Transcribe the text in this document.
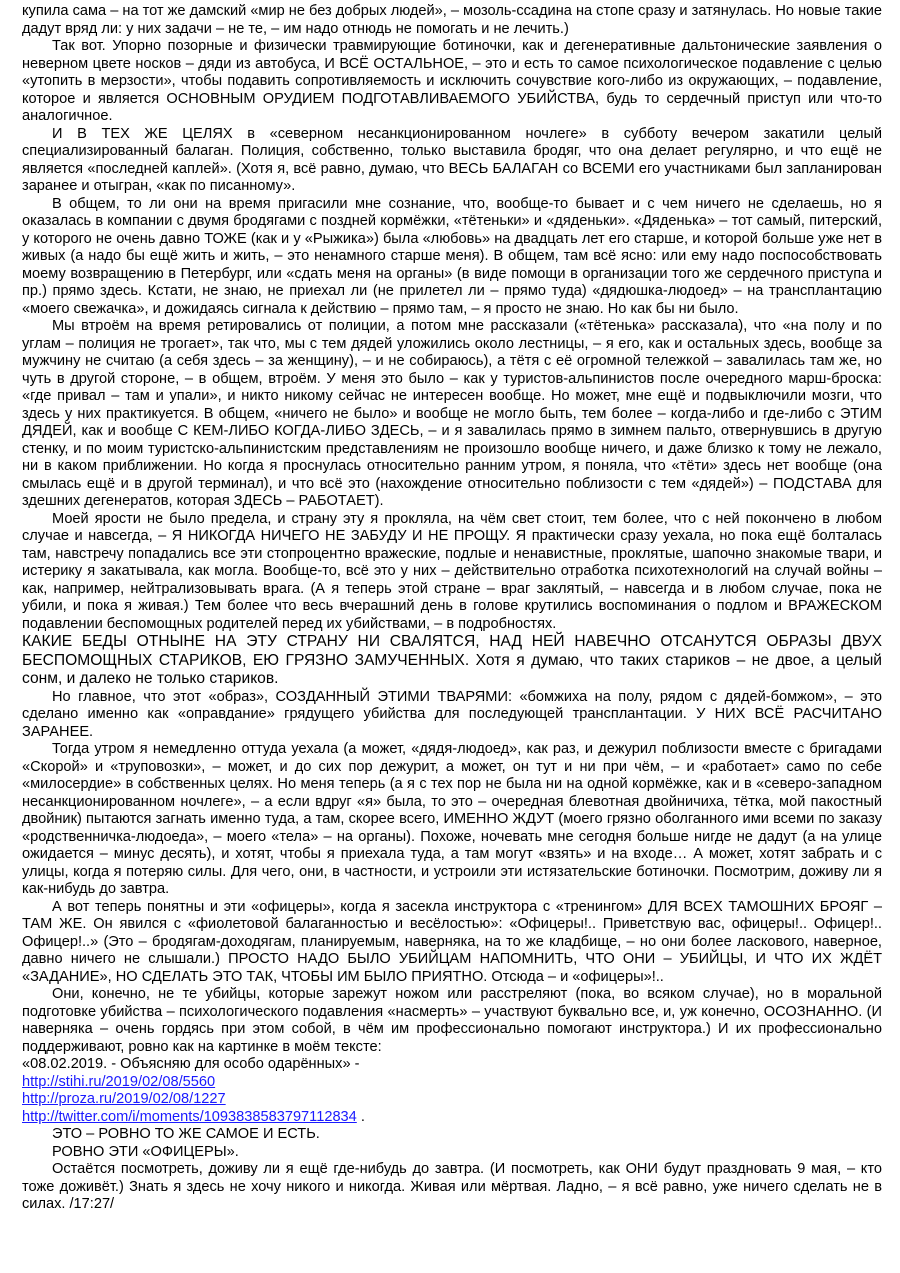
купила сама – на тот же дамский «мир не без добрых людей», – мозоль-ссадина на стопе сразу и затянулась. Но новые такие дадут вряд ли: у них задачи – не те, – им надо отнюдь не помогать и не лечить.)

Так вот. Упорно позорные и физически травмирующие ботиночки, как и дегенеративные дальтонические заявления о неверном цвете носков – дяди из автобуса, И ВСЁ ОСТАЛЬНОЕ, – это и есть то самое психологическое подавление с целью «утопить в мерзости», чтобы подавить сопротивляемость и исключить сочувствие кого-либо из окружающих, – подавление, которое и является ОСНОВНЫМ ОРУДИЕМ ПОДГОТАВЛИВАЕМОГО УБИЙСТВА, будь то сердечный приступ или что-то аналогичное.

И В ТЕХ ЖЕ ЦЕЛЯХ в «северном несанкционированном ночлеге» в субботу вечером закатили целый специализированный балаган. Полиция, собственно, только выставила бродяг, что она делает регулярно, и что ещё не является «последней каплей». (Хотя я, всё равно, думаю, что ВЕСЬ БАЛАГАН со ВСЕМИ его участниками был запланирован заранее и отыгран, «как по писанному».

В общем, то ли они на время пригасили мне сознание, что, вообще-то бывает и с чем ничего не сделаешь, но я оказалась в компании с двумя бродягами с поздней кормёжки, «тётеньки» и «дяденьки». «Дяденька» – тот самый, питерский, у которого не очень давно ТОЖЕ (как и у «Рыжика») была «любовь» на двадцать лет его старше, и которой больше уже нет в живых (а надо бы ещё жить и жить, – это ненамного старше меня). В общем, там всё ясно: или ему надо поспособствовать моему возвращению в Петербург, или «сдать меня на органы» (в виде помощи в организации того же сердечного приступа и пр.) прямо здесь. Кстати, не знаю, не приехал ли (не прилетел ли – прямо туда) «дядюшка-людоед» – на трансплантацию «моего свежачка», и дожидаясь сигнала к действию – прямо там, – я просто не знаю. Но как бы ни было.

Мы втроём на время ретировались от полиции, а потом мне рассказали («тётенька» рассказала), что «на полу и по углам – полиция не трогает», так что, мы с тем дядей уложились около лестницы, – я его, как и остальных здесь, вообще за мужчину не считаю (а себя здесь – за женщину), – и не собираюсь), а тётя с её огромной тележкой – завалилась там же, но чуть в другой стороне, – в общем, втроём. У меня это было – как у туристов-альпинистов после очередного марш-броска: «где привал – там и упали», и никто никому сейчас не интересен вообще. Но может, мне ещё и подвыключили мозги, что здесь у них практикуется. В общем, «ничего не было» и вообще не могло быть, тем более – когда-либо и где-либо с ЭТИМ ДЯДЕЙ, как и вообще С КЕМ-ЛИБО КОГДА-ЛИБО ЗДЕСЬ, – и я завалилась прямо в зимнем пальто, отвернувшись в другую стенку, и по моим туристско-альпинистским представлениям не произошло вообще ничего, и даже близко к тому не лежало, ни в каком приближении. Но когда я проснулась относительно ранним утром, я поняла, что «тёти» здесь нет вообще (она смылась ещё и в другой терминал), и что всё это (нахождение относительно поблизости с тем «дядей») – ПОДСТАВА для здешних дегенератов, которая ЗДЕСЬ – РАБОТАЕТ).

Моей ярости не было предела, и страну эту я прокляла, на чём свет стоит, тем более, что с ней покончено в любом случае и навсегда, – Я НИКОГДА НИЧЕГО НЕ ЗАБУДУ И НЕ ПРОЩУ. Я практически сразу уехала, но пока ещё болталась там, навстречу попадались все эти стопроцентно вражеские, подлые и ненавистные, проклятые, шапочно знакомые твари, и истерику я закатывала, как могла. Вообще-то, всё это у них – действительно отработка психотехнологий на случай войны – как, например, нейтрализовывать врага. (А я теперь этой стране – враг заклятый, – навсегда и в любом случае, пока не убили, и пока я живая.) Тем более что весь вчерашний день в голове крутились воспоминания о подлом и ВРАЖЕСКОМ подавлении беспомощных родителей перед их убийствами, – в подробностях.

КАКИЕ БЕДЫ ОТНЫНЕ НА ЭТУ СТРАНУ НИ СВАЛЯТСЯ, НАД НЕЙ НАВЕЧНО ОТСАНУТСЯ ОБРАЗЫ ДВУХ БЕСПОМОЩНЫХ СТАРИКОВ, ЕЮ ГРЯЗНО ЗАМУЧЕННЫХ. Хотя я думаю, что таких стариков – не двое, а целый сонм, и далеко не только стариков.

Но главное, что этот «образ», СОЗДАННЫЙ ЭТИМИ ТВАРЯМИ: «бомжиха на полу, рядом с дядей-бомжом», – это сделано именно как «оправдание» грядущего убийства для последующей трансплантации. У НИХ ВСЁ РАСЧИТАНО ЗАРАНЕЕ.

Тогда утром я немедленно оттуда уехала (а может, «дядя-людоед», как раз, и дежурил поблизости вместе с бригадами «Скорой» и «труповозки», – может, и до сих пор дежурит, а может, он тут и ни при чём, – и «работает» само по себе «милосердие» в собственных целях. Но меня теперь (а я с тех пор не была ни на одной кормёжке, как и в «северо-западном несанкционированном ночлеге», – а если вдруг «я» была, то это – очередная блевотная двойничиха, тётка, мой пакостный двойник) пытаются загнать именно туда, а там, скорее всего, ИМЕННО ЖДУТ (моего грязно оболганного ими всеми по заказу «родственничка-людоеда», – моего «тела» – на органы). Похоже, ночевать мне сегодня больше нигде не дадут (а на улице ожидается – минус десять), и хотят, чтобы я приехала туда, а там могут «взять» и на входе… А может, хотят забрать и с улицы, когда я потеряю силы. Для чего, они, в частности, и устроили эти истязательские ботиночки. Посмотрим, доживу ли я как-нибудь до завтра.

А вот теперь понятны и эти «офицеры», когда я засекла инструктора с «тренингом» ДЛЯ ВСЕХ ТАМОШНИХ БРОЯГ – ТАМ ЖЕ. Он явился с «фиолетовой балаганностью и весёлостью»: «Офицеры!.. Приветствую вас, офицеры!.. Офицер!.. Офицер!..» (Это – бродягам-доходягам, планируемым, наверняка, на то же кладбище, – но они более ласкового, наверное, давно ничего не слышали.) ПРОСТО НАДО БЫЛО УБИЙЦАМ НАПОМНИТЬ, ЧТО ОНИ – УБИЙЦЫ, И ЧТО ИХ ЖДЁТ «ЗАДАНИЕ», НО СДЕЛАТЬ ЭТО ТАК, ЧТОБЫ ИМ БЫЛО ПРИЯТНО. Отсюда – и «офицеры»!..

Они, конечно, не те убийцы, которые зарежут ножом или расстреляют (пока, во всяком случае), но в моральной подготовке убийства – психологического подавления «насмерть» – участвуют буквально все, и, уж конечно, ОСОЗНАННО. (И наверняка – очень гордясь при этом собой, в чём им профессионально помогают инструктора.) И их профессионально поддерживают, ровно как на картинке в моём тексте:

«08.02.2019. - Объясняю для особо одарённых» -

http://stihi.ru/2019/02/08/5560

http://proza.ru/2019/02/08/1227

http://twitter.com/i/moments/1093838583797112834 .

ЭТО – РОВНО ТО ЖЕ САМОЕ И ЕСТЬ.

РОВНО ЭТИ «ОФИЦЕРЫ».

Остаётся посмотреть, доживу ли я ещё где-нибудь до завтра. (И посмотреть, как ОНИ будут праздновать 9 мая, – кто тоже доживёт.) Знать я здесь не хочу никого и никогда. Живая или мёртвая. Ладно, – я всё равно, уже ничего сделать не в силах. /17:27/
